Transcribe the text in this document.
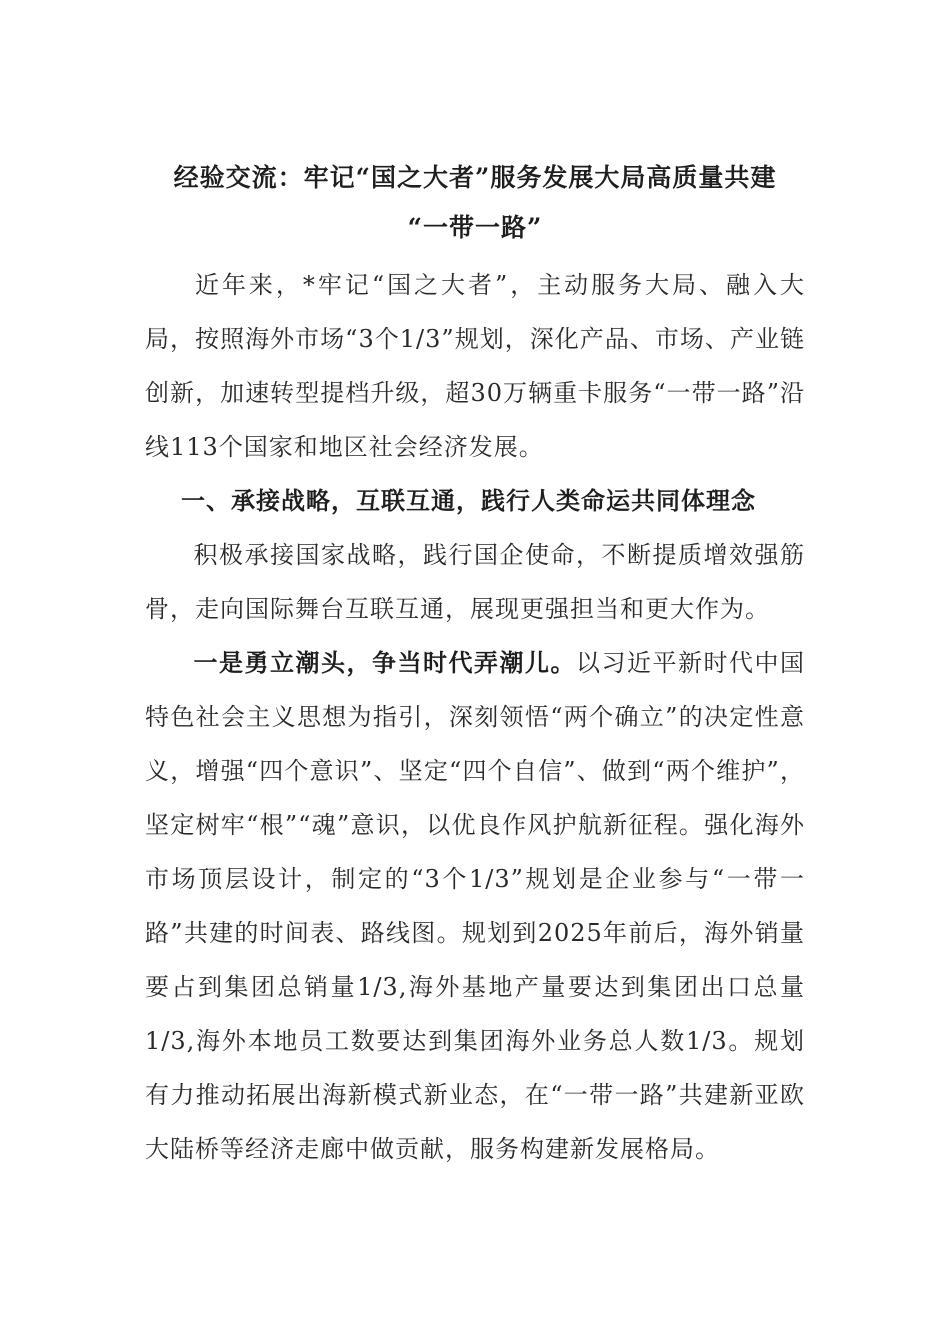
经验交流：牢记“国之大者”服务发展大局高质量共建
“一带一路”

近年来，*牢记“国之大者”，主动服务大局、融入大局，按照海外市场“3个1/3”规划，深化产品、市场、产业链创新，加速转型提档升级，超30万辆重卡服务“一带一路”沿线113个国家和地区社会经济发展。

一、承接战略，互联互通，践行人类命运共同体理念

积极承接国家战略，践行国企使命，不断提质增效强筋骨，走向国际舞台互联互通，展现更强担当和更大作为。

一是勇立潮头，争当时代弄潮儿。以习近平新时代中国特色社会主义思想为指引，深刻领悟“两个确立”的决定性意义，增强“四个意识”、坚定“四个自信”、做到“两个维护”，坚定树牢“根”“魂”意识，以优良作风护航新征程。强化海外市场顶层设计，制定的“3个1/3”规划是企业参与“一带一路”共建的时间表、路线图。规划到2025年前后，海外销量要占到集团总销量1/3,海外基地产量要达到集团出口总量1/3,海外本地员工数要达到集团海外业务总人数1/3。规划有力推动拓展出海新模式新业态，在“一带一路”共建新亚欧大陆桥等经济走廊中做贡献，服务构建新发展格局。
